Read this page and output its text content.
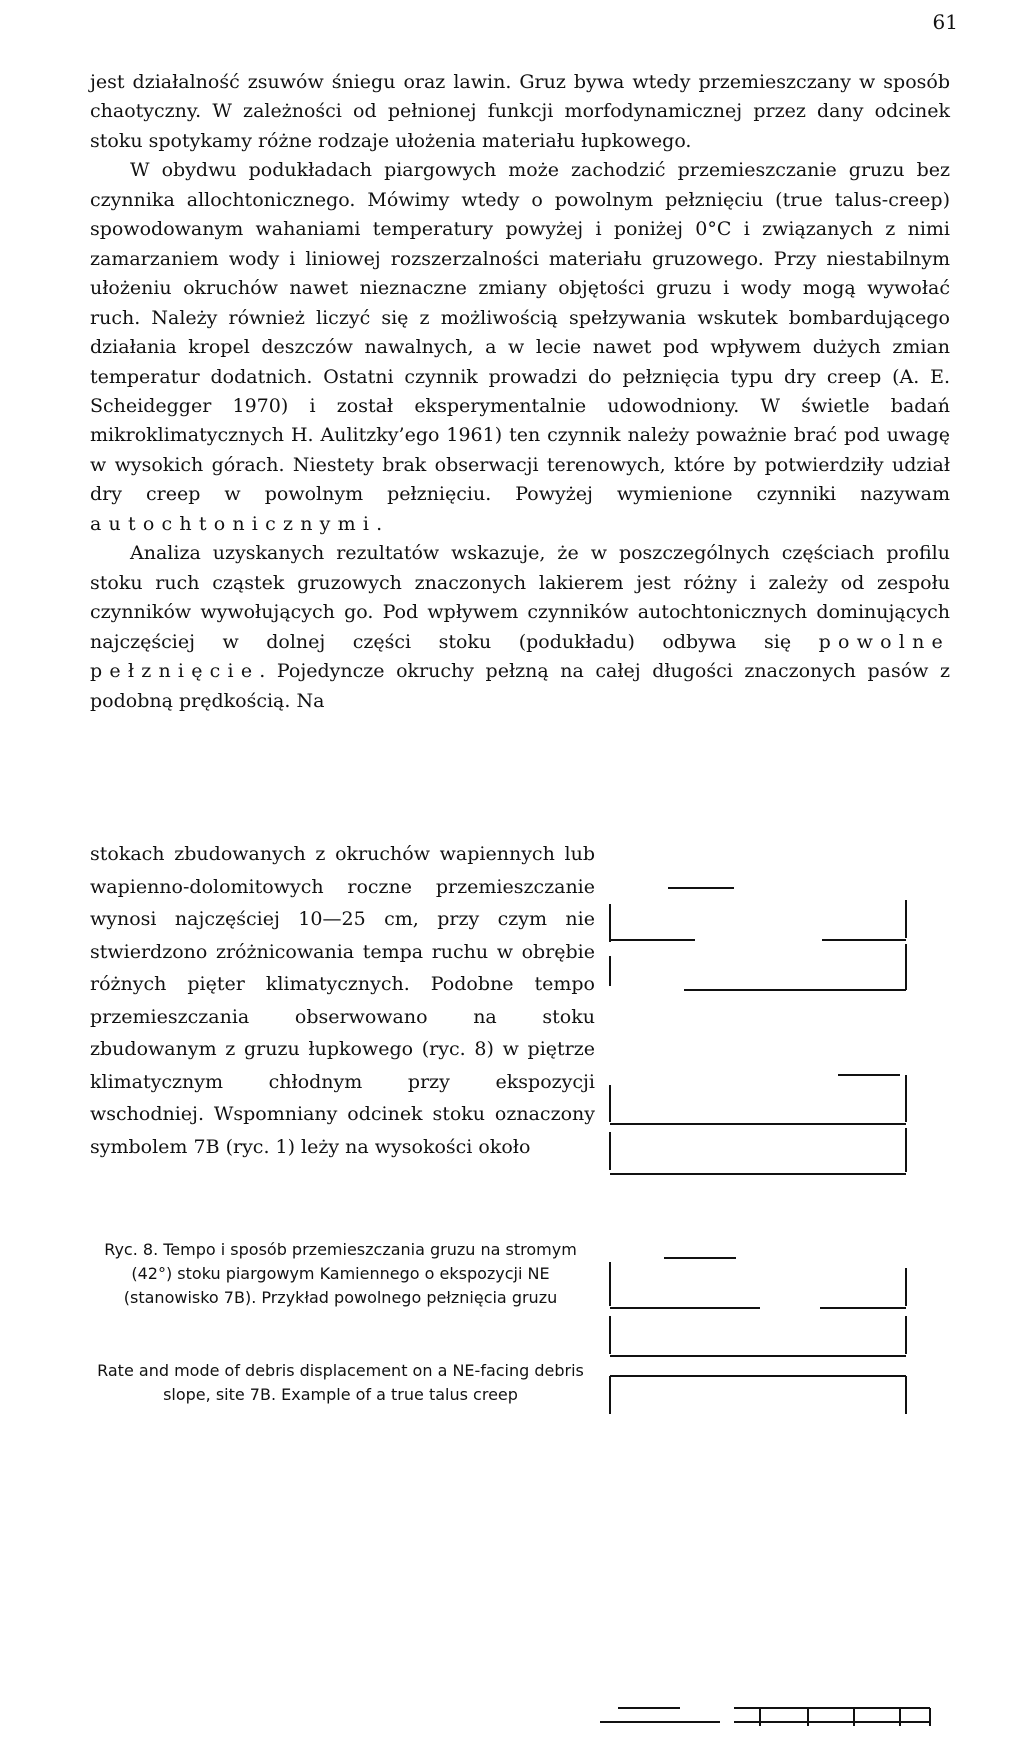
61

jest działalność zsuwów śniegu oraz lawin. Gruz bywa wtedy przemieszczany w sposób chaotyczny. W zależności od pełnionej funkcji morfodynamicznej przez dany odcinek stoku spotykamy różne rodzaje ułożenia materiału łupkowego.

W obydwu podukładach piargowych może zachodzić przemieszczanie gruzu bez czynnika allochtonicznego. Mówimy wtedy o powolnym pełznięciu (true talus-creep) spowodowanym wahaniami temperatury powyżej i poniżej 0°C i związanych z nimi zamarzaniem wody i liniowej rozszerzalności materiału gruzowego. Przy niestabilnym ułożeniu okruchów nawet nieznaczne zmiany objętości gruzu i wody mogą wywołać ruch. Należy również liczyć się z możliwością spełzywania wskutek bombardującego działania kropel deszczów nawalnych, a w lecie nawet pod wpływem dużych zmian temperatur dodatnich. Ostatni czynnik prowadzi do pełznięcia typu dry creep (A. E. Scheidegger 1970) i został eksperymentalnie udowodniony. W świetle badań mikroklimatycznych H. Aulitzky’ego 1961) ten czynnik należy poważnie brać pod uwagę w wysokich górach. Niestety brak obserwacji terenowych, które by potwierdziły udział dry creep w powolnym pełznięciu. Powyżej wymienione czynniki nazywam autochtonicznymi.

Analiza uzyskanych rezultatów wskazuje, że w poszczególnych częściach profilu stoku ruch cząstek gruzowych znaczonych lakierem jest różny i zależy od zespołu czynników wywołujących go. Pod wpływem czynników autochtonicznych dominujących najczęściej w dolnej części stoku (podukładu) odbywa się powolne pełznięcie. Pojedyncze okruchy pełzną na całej długości znaczonych pasów z podobną prędkością. Na

stokach zbudowanych z okruchów wapiennych lub wapienno-dolomitowych roczne przemieszczanie wynosi najczęściej 10—25 cm, przy czym nie stwierdzono zróżnicowania tempa ruchu w obrębie różnych pięter klimatycznych. Podobne tempo przemieszczania obserwowano na stoku zbudowanym z gruzu łupkowego (ryc. 8) w piętrze klimatycznym chłodnym przy ekspozycji wschodniej. Wspomniany odcinek stoku oznaczony symbolem 7B (ryc. 1) leży na wysokości około

Ryc. 8. Tempo i sposób przemieszczania gruzu na stromym (42°) stoku piargowym Kamiennego o ekspozycji NE (stanowisko 7B). Przykład powolnego pełznięcia gruzu
Rate and mode of debris displacement on a NE-facing debris slope, site 7B. Example of a true talus creep
